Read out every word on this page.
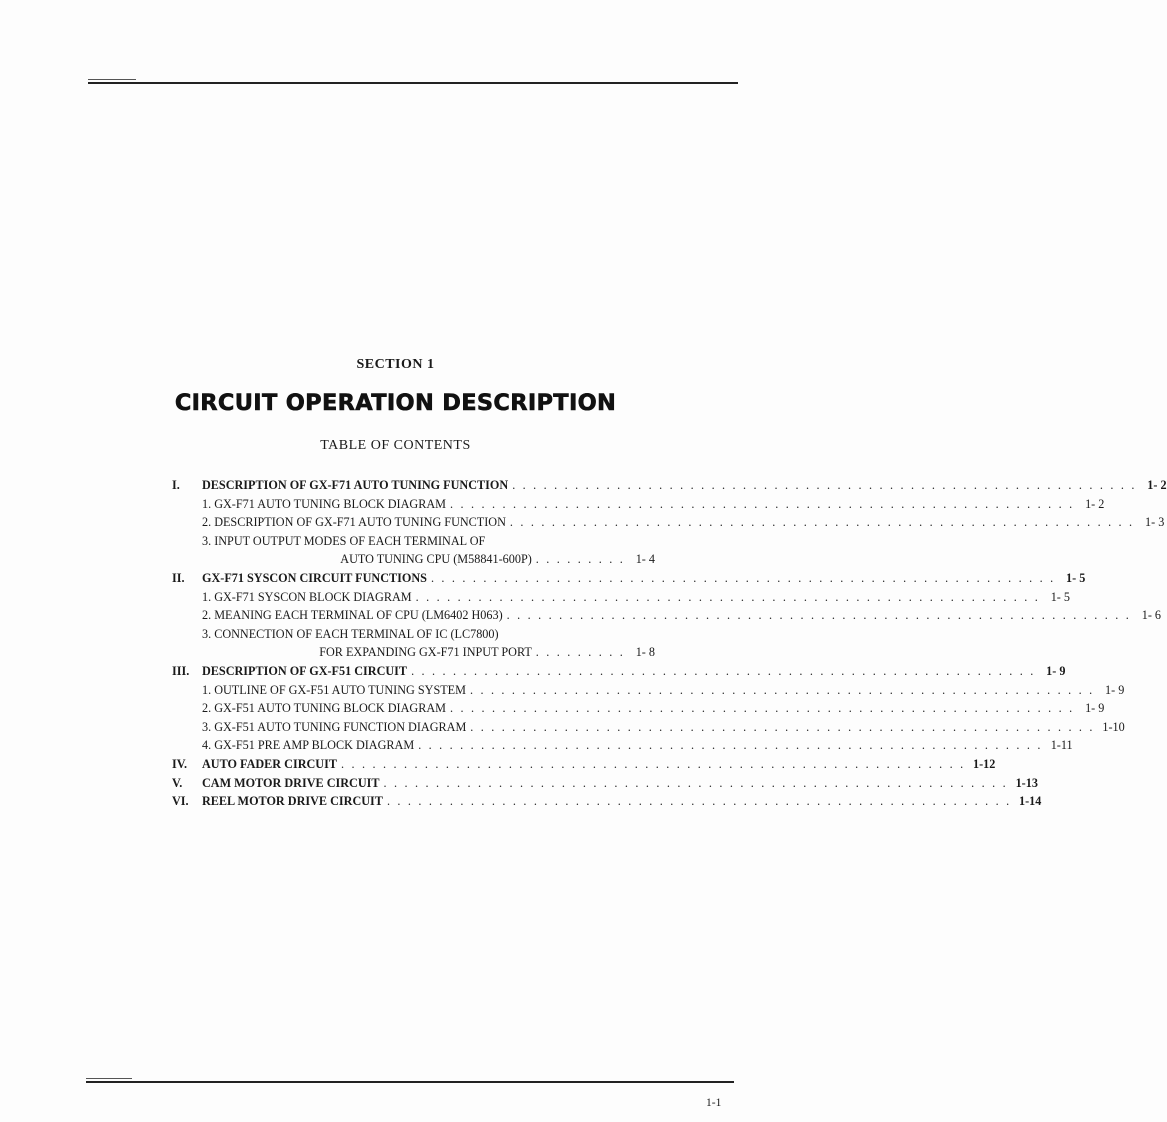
SECTION 1
CIRCUIT OPERATION DESCRIPTION
TABLE OF CONTENTS
I. DESCRIPTION OF GX-F71 AUTO TUNING FUNCTION . . . . . . . . . . . . . . . . . . . . . . . . . . . . . . . . . . . . . . . . . . . . . . . . . . . . . . . . . . . . 1- 2
1. GX-F71 AUTO TUNING BLOCK DIAGRAM . . . . . . . . . . . . . . . . . . . . . . . . . . . . . . . . . . . . . . . . . . . . . . . . . . . . . . . . . . . . 1- 2
2. DESCRIPTION OF GX-F71 AUTO TUNING FUNCTION . . . . . . . . . . . . . . . . . . . . . . . . . . . . . . . . . . . . . . . . . . . . . . . . . . . . . . . . . . . . 1- 3
3. INPUT OUTPUT MODES OF EACH TERMINAL OF
AUTO TUNING CPU (M58841-600P) . . . . . . . . . 1- 4
II. GX-F71 SYSCON CIRCUIT FUNCTIONS . . . . . . . . . . . . . . . . . . . . . . . . . . . . . . . . . . . . . . . . . . . . . . . . . . . . . . . . . . . . 1- 5
1. GX-F71 SYSCON BLOCK DIAGRAM . . . . . . . . . . . . . . . . . . . . . . . . . . . . . . . . . . . . . . . . . . . . . . . . . . . . . . . . . . . . 1- 5
2. MEANING EACH TERMINAL OF CPU (LM6402 H063) . . . . . . . . . . . . . . . . . . . . . . . . . . . . . . . . . . . . . . . . . . . . . . . . . . . . . . . . . . . . 1- 6
3. CONNECTION OF EACH TERMINAL OF IC (LC7800)
FOR EXPANDING GX-F71 INPUT PORT . . . . . . . . . 1- 8
III. DESCRIPTION OF GX-F51 CIRCUIT . . . . . . . . . . . . . . . . . . . . . . . . . . . . . . . . . . . . . . . . . . . . . . . . . . . . . . . . . . . . 1- 9
1. OUTLINE OF GX-F51 AUTO TUNING SYSTEM . . . . . . . . . . . . . . . . . . . . . . . . . . . . . . . . . . . . . . . . . . . . . . . . . . . . . . . . . . . . 1- 9
2. GX-F51 AUTO TUNING BLOCK DIAGRAM . . . . . . . . . . . . . . . . . . . . . . . . . . . . . . . . . . . . . . . . . . . . . . . . . . . . . . . . . . . . 1- 9
3. GX-F51 AUTO TUNING FUNCTION DIAGRAM . . . . . . . . . . . . . . . . . . . . . . . . . . . . . . . . . . . . . . . . . . . . . . . . . . . . . . . . . . . . 1-10
4. GX-F51 PRE AMP BLOCK DIAGRAM . . . . . . . . . . . . . . . . . . . . . . . . . . . . . . . . . . . . . . . . . . . . . . . . . . . . . . . . . . . . 1-11
IV. AUTO FADER CIRCUIT . . . . . . . . . . . . . . . . . . . . . . . . . . . . . . . . . . . . . . . . . . . . . . . . . . . . . . . . . . . . 1-12
V. CAM MOTOR DRIVE CIRCUIT . . . . . . . . . . . . . . . . . . . . . . . . . . . . . . . . . . . . . . . . . . . . . . . . . . . . . . . . . . . . 1-13
VI. REEL MOTOR DRIVE CIRCUIT . . . . . . . . . . . . . . . . . . . . . . . . . . . . . . . . . . . . . . . . . . . . . . . . . . . . . . . . . . . . 1-14
1-1
